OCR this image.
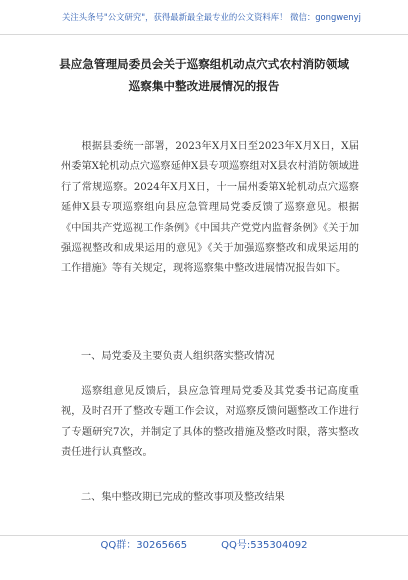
关注头条号"公文研究"，获得最新最全最专业的公文资料库！ 微信：gongwenyj
县应急管理局委员会关于巡察组机动点穴式农村消防领域
巡察集中整改进展情况的报告
根据县委统一部署，2023年X月X日至2023年X月X日，X届州委第X轮机动点穴巡察延伸X县专项巡察组对X县农村消防领域进行了常规巡察。2024年X月X日，十一届州委第X轮机动点穴巡察延伸X县专项巡察组向县应急管理局党委反馈了巡察意见。根据《中国共产党巡视工作条例》《中国共产党党内监督条例》《关于加强巡视整改和成果运用的意见》《关于加强巡察整改和成果运用的工作措施》等有关规定，现将巡察集中整改进展情况报告如下。
一、局党委及主要负责人组织落实整改情况
巡察组意见反馈后，县应急管理局党委及其党委书记高度重视，及时召开了整改专题工作会议，对巡察反馈问题整改工作进行了专题研究7次，并制定了具体的整改措施及整改时限，落实整改责任进行认真整改。
二、集中整改期已完成的整改事项及整改结果
QQ群：30265665	QQ号:535304092
